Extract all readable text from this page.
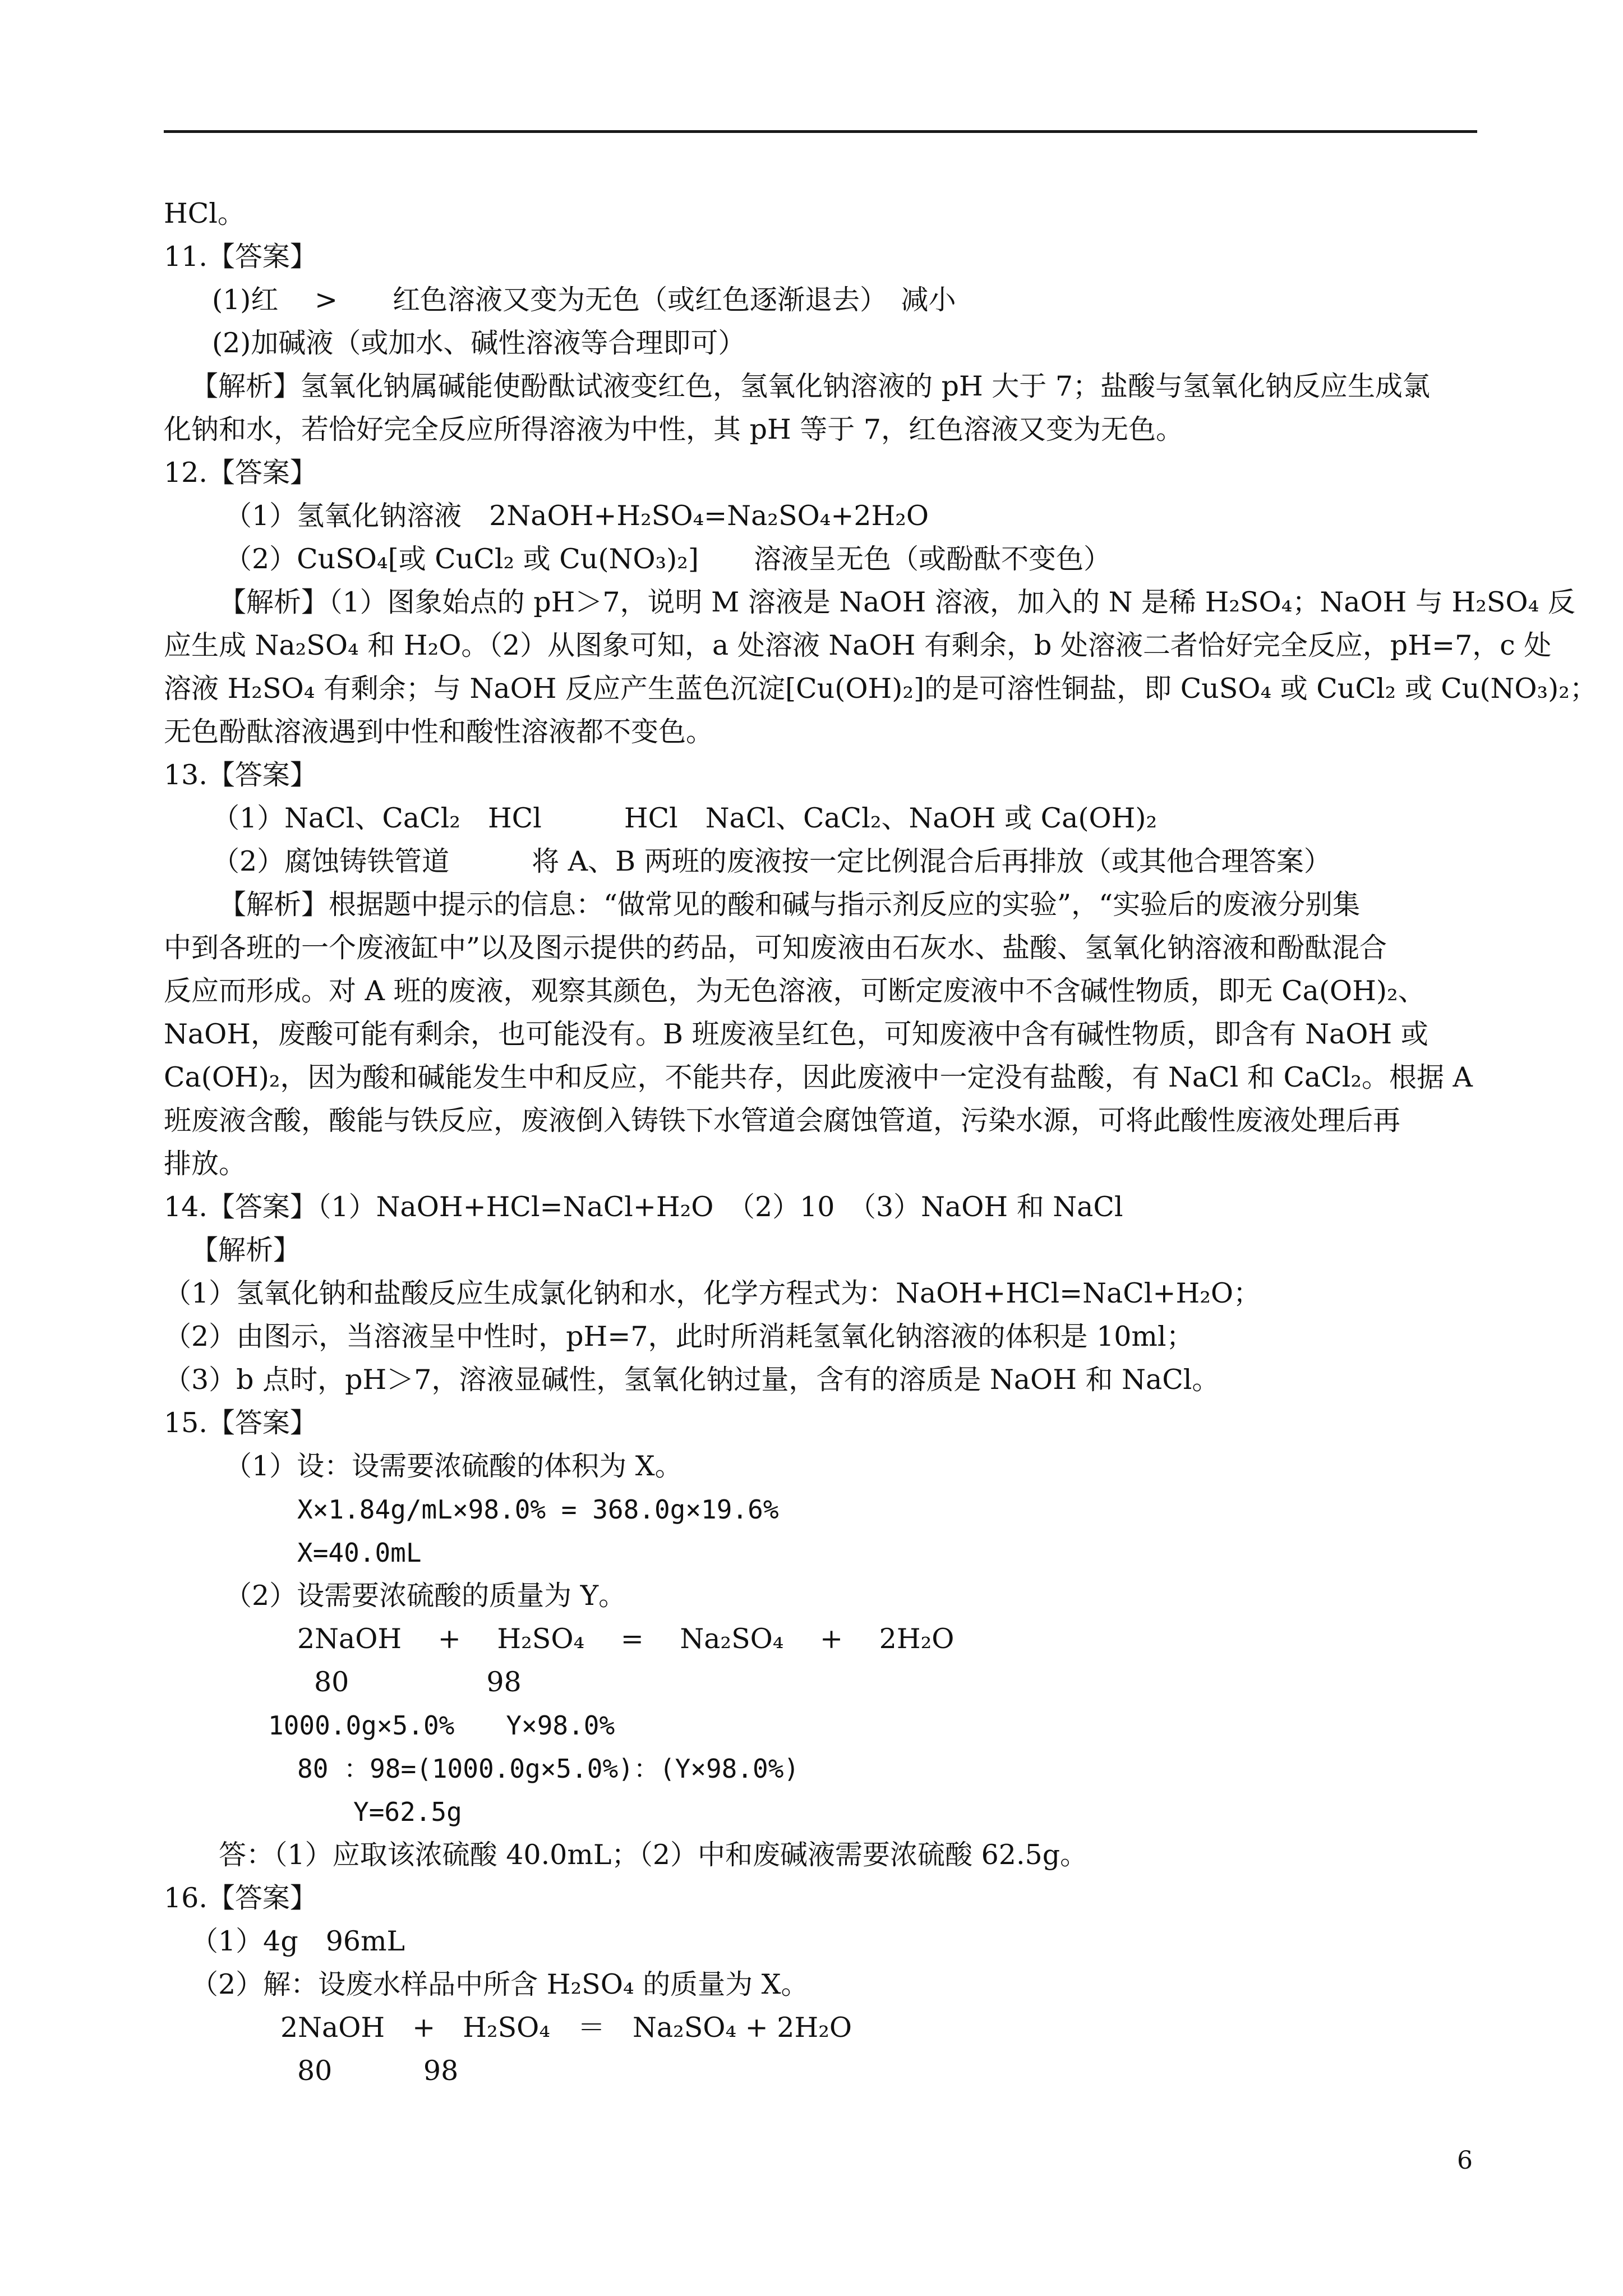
HCl。
11.【答案】
(1)红　 >　　红色溶液又变为无色（或红色逐渐退去）　减小
(2)加碱液（或加水、碱性溶液等合理即可）
【解析】氢氧化钠属碱能使酚酞试液变红色，氢氧化钠溶液的 pH 大于 7；盐酸与氢氧化钠反应生成氯
化钠和水，若恰好完全反应所得溶液为中性，其 pH 等于 7，红色溶液又变为无色。
12.【答案】
（1）氢氧化钠溶液　2NaOH+H₂SO₄=Na₂SO₄+2H₂O
（2）CuSO₄[或 CuCl₂ 或 Cu(NO₃)₂]　　溶液呈无色（或酚酞不变色）
【解析】（1）图象始点的 pH＞7，说明 M 溶液是 NaOH 溶液，加入的 N 是稀 H₂SO₄；NaOH 与 H₂SO₄ 反
应生成 Na₂SO₄ 和 H₂O。（2）从图象可知，a 处溶液 NaOH 有剩余，b 处溶液二者恰好完全反应，pH=7，c 处
溶液 H₂SO₄ 有剩余；与 NaOH 反应产生蓝色沉淀[Cu(OH)₂]的是可溶性铜盐，即 CuSO₄ 或 CuCl₂ 或 Cu(NO₃)₂；
无色酚酞溶液遇到中性和酸性溶液都不变色。
13.【答案】
（1）NaCl、CaCl₂　HCl　　　HCl　NaCl、CaCl₂、NaOH 或 Ca(OH)₂
（2）腐蚀铸铁管道　　　将 A、B 两班的废液按一定比例混合后再排放（或其他合理答案）
【解析】根据题中提示的信息：“做常见的酸和碱与指示剂反应的实验”，“实验后的废液分别集
中到各班的一个废液缸中”以及图示提供的药品，可知废液由石灰水、盐酸、氢氧化钠溶液和酚酞混合
反应而形成。对 A 班的废液，观察其颜色，为无色溶液，可断定废液中不含碱性物质，即无 Ca(OH)₂、
NaOH，废酸可能有剩余，也可能没有。B 班废液呈红色，可知废液中含有碱性物质，即含有 NaOH 或
Ca(OH)₂，因为酸和碱能发生中和反应，不能共存，因此废液中一定没有盐酸，有 NaCl 和 CaCl₂。根据 A
班废液含酸，酸能与铁反应，废液倒入铸铁下水管道会腐蚀管道，污染水源，可将此酸性废液处理后再
排放。
14.【答案】（1）NaOH+HCl=NaCl+H₂O　（2）10　（3）NaOH 和 NaCl
【解析】
（1）氢氧化钠和盐酸反应生成氯化钠和水，化学方程式为：NaOH+HCl=NaCl+H₂O；
（2）由图示，当溶液呈中性时，pH=7，此时所消耗氢氧化钠溶液的体积是 10ml；
（3）b 点时，pH＞7，溶液显碱性，氢氧化钠过量，含有的溶质是 NaOH 和 NaCl。
15.【答案】
（1）设：设需要浓硫酸的体积为 X。
X×1.84g/mL×98.0% = 368.0g×19.6%
X=40.0mL
（2）设需要浓硫酸的质量为 Y。
2NaOH　 +　 H₂SO₄　 =　 Na₂SO₄　 +　 2H₂O
80　　　　　98
1000.0g×5.0%　　Y×98.0%
80 ：98=(1000.0g×5.0%)：(Y×98.0%)
Y=62.5g
答：（1）应取该浓硫酸 40.0mL；（2）中和废碱液需要浓硫酸 62.5g。
16.【答案】
（1）4g　96mL
（2）解：设废水样品中所含 H₂SO₄ 的质量为 X。
2NaOH　+　H₂SO₄　＝　Na₂SO₄ + 2H₂O
80　　　 98
6
